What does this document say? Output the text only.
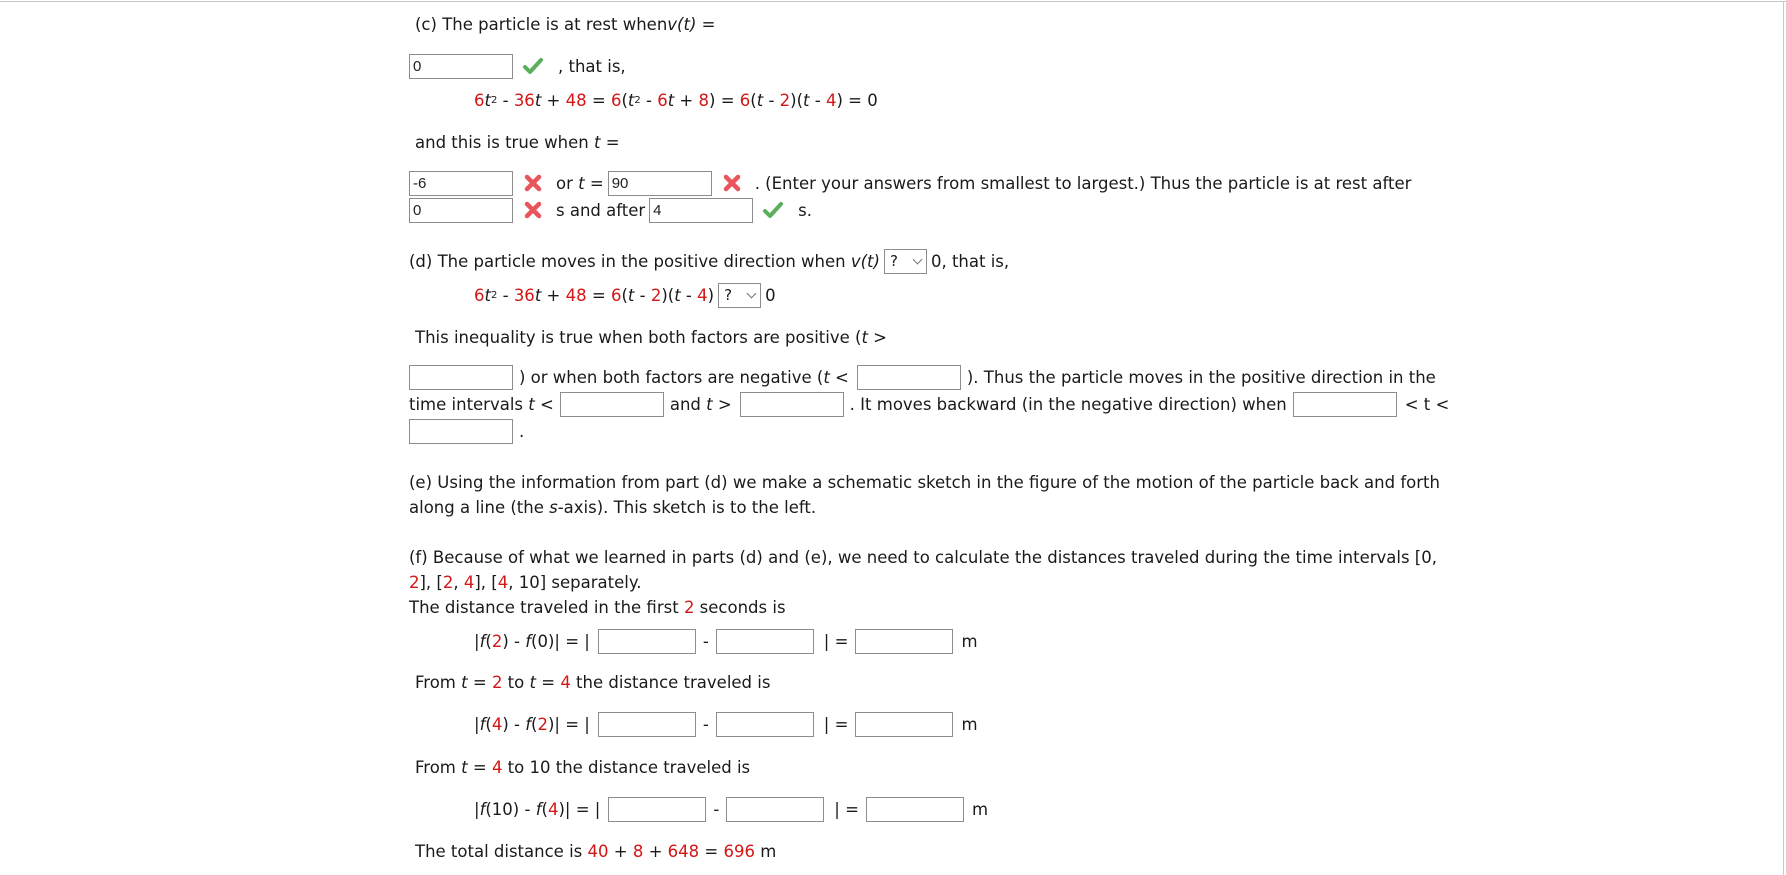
(c) The particle is at rest when v(t) =
0
, that is,
6 t 2 - 36 t + 48 = 6 ( t 2 - 6 t + 8 ) = 6 ( t - 2 )( t - 4 ) = 0
and this is true when t =
-6
or t =
90	. (Enter your answers from smallest to largest.) Thus the particle is at rest after
0
s and after
4	s.
(d) The particle moves in the positive direction when v(t) ? 0, that is,
6 t 2 - 36 t + 48 = 6 ( t - 2 )( t - 4 ) ? 0
This inequality is true when both factors are positive ( t >
) or when both factors are negative ( t <	). Thus the particle moves in the positive direction in the
time intervals t <	and t >	. It moves backward (in the negative direction) when	< t <
.
(e) Using the information from part (d) we make a schematic sketch in the figure of the motion of the particle back and forth
along a line (the s -axis). This sketch is to the left.
(f) Because of what we learned in parts (d) and (e), we need to calculate the distances traveled during the time intervals [0,
2 ], [ 2 , 4 ], [ 4 , 10] separately.
The distance traveled in the first 2 seconds is
| f ( 2 ) - f (0)| = |	-	| =	m
From t = 2 to t = 4 the distance traveled is
| f ( 4 ) - f ( 2 )| = |	-	| =	m
From t = 4 to 10 the distance traveled is
| f (10) - f ( 4 )| = |	-	| =	m
The total distance is 40 + 8 + 648 = 696 m
